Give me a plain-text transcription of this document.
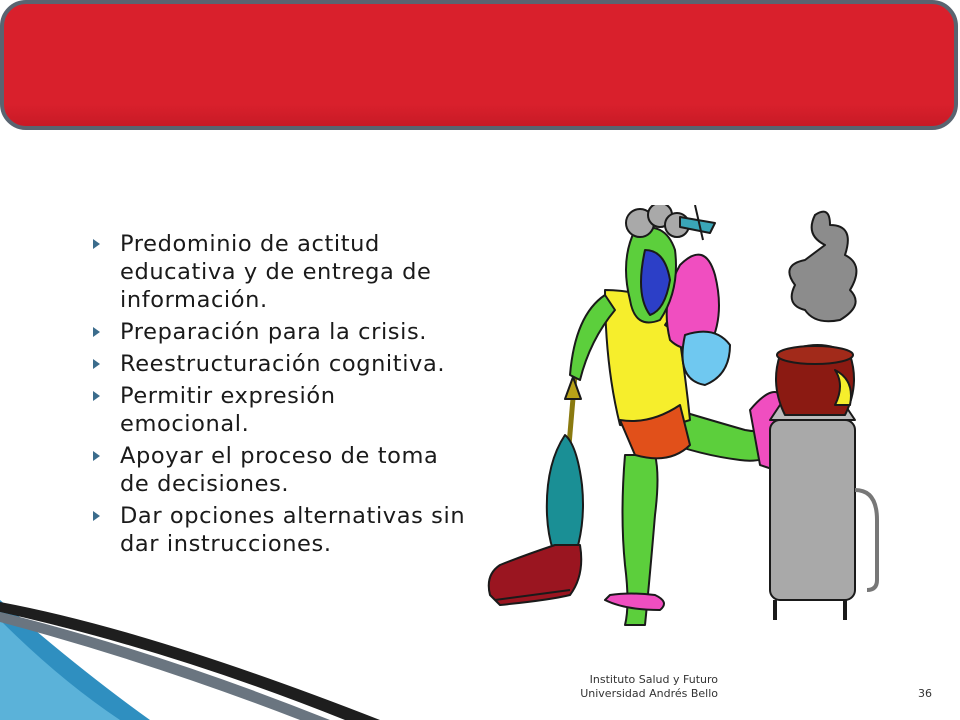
Predominio de actitud educativa y de entrega de información.
Preparación para la crisis.
Reestructuración cognitiva.
Permitir expresión emocional.
Apoyar el proceso de toma de decisiones.
Dar opciones alternativas sin dar instrucciones.
Instituto Salud y Futuro
Universidad Andrés Bello	36
